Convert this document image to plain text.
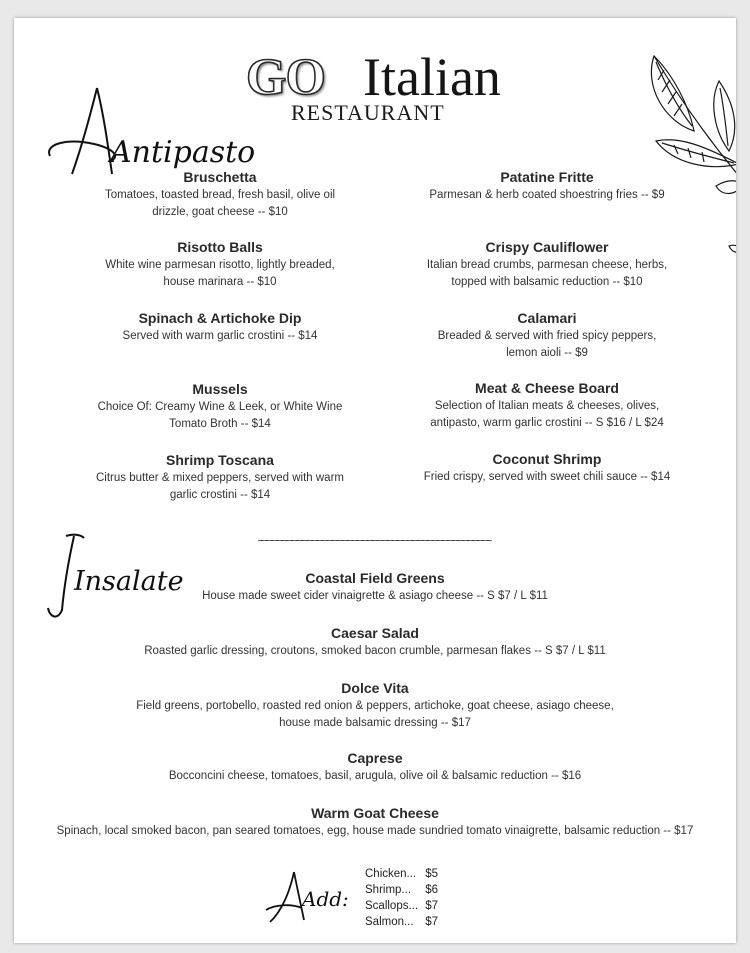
GO Italian
RESTAURANT
Antipasto
Bruschetta
Tomatoes, toasted bread, fresh basil, olive oil
drizzle, goat cheese -- $10
Risotto Balls
White wine parmesan risotto, lightly breaded,
house marinara -- $10
Spinach & Artichoke Dip
Served with warm garlic crostini -- $14
Mussels
Choice Of: Creamy Wine & Leek, or White Wine
Tomato Broth -- $14
Shrimp Toscana
Citrus butter & mixed peppers, served with warm
garlic crostini -- $14
Patatine Fritte
Parmesan & herb coated shoestring fries -- $9
Crispy Cauliflower
Italian bread crumbs, parmesan cheese, herbs,
topped with balsamic reduction -- $10
Calamari
Breaded & served with fried spicy peppers,
lemon aioli -- $9
Meat & Cheese Board
Selection of Italian meats & cheeses, olives,
antipasto, warm garlic crostini -- S $16 / L $24
Coconut Shrimp
Fried crispy, served with sweet chili sauce -- $14
Insalate	Coastal Field Greens
House made sweet cider vinaigrette & asiago cheese -- S $7 / L $11
Caesar Salad
Roasted garlic dressing, croutons, smoked bacon crumble, parmesan flakes -- S $7 / L $11
Dolce Vita
Field greens, portobello, roasted red onion & peppers, artichoke, goat cheese, asiago cheese,
house made balsamic dressing -- $17
Caprese
Bocconcini cheese, tomatoes, basil, arugula, olive oil & balsamic reduction -- $16
Warm Goat Cheese
Spinach, local smoked bacon, pan seared tomatoes, egg, house made sundried tomato vinaigrette, balsamic reduction -- $17
Add:
Chicken... $5
Shrimp... $6
Scallops... $7
Salmon... $7
